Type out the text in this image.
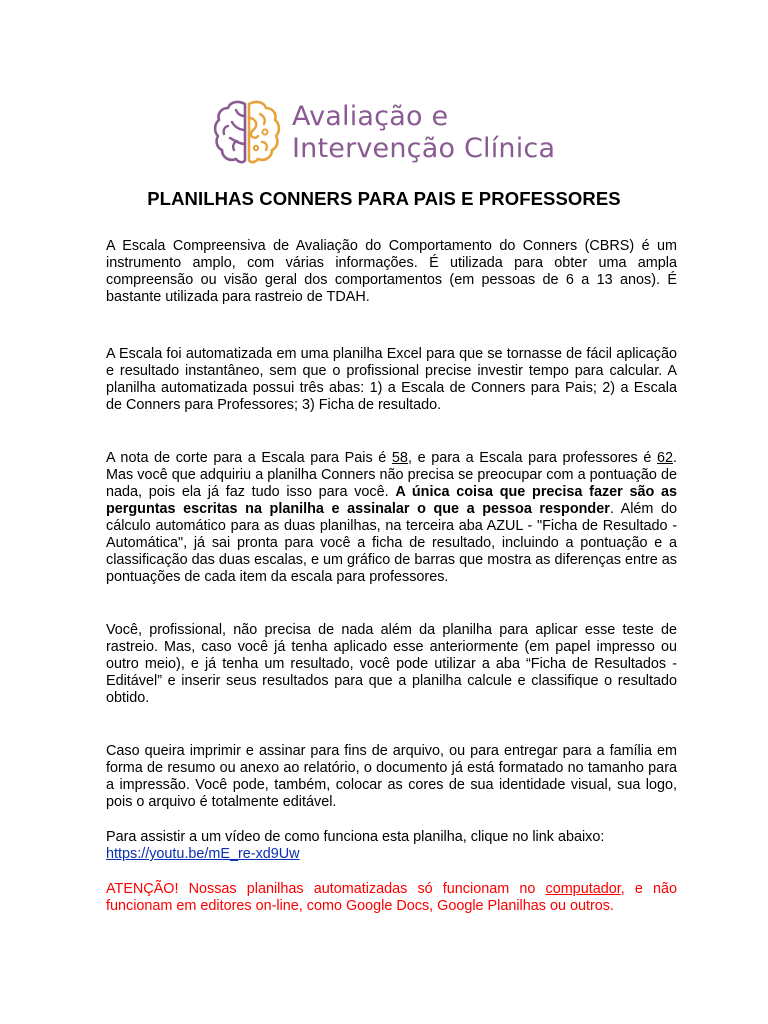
Avaliação e
Intervenção Clínica
PLANILHAS CONNERS PARA PAIS E PROFESSORES

A Escala Compreensiva de Avaliação do Comportamento do Conners (CBRS) é um instrumento amplo, com várias informações. É utilizada para obter uma ampla compreensão ou visão geral dos comportamentos (em pessoas de 6 a 13 anos). É bastante utilizada para rastreio de TDAH.

A Escala foi automatizada em uma planilha Excel para que se tornasse de fácil aplicação e resultado instantâneo, sem que o profissional precise investir tempo para calcular. A planilha automatizada possui três abas: 1) a Escala de Conners para Pais; 2) a Escala de Conners para Professores; 3) Ficha de resultado.

A nota de corte para a Escala para Pais é 58, e para a Escala para professores é 62. Mas você que adquiriu a planilha Conners não precisa se preocupar com a pontuação de nada, pois ela já faz tudo isso para você. A única coisa que precisa fazer são as perguntas escritas na planilha e assinalar o que a pessoa responder. Além do cálculo automático para as duas planilhas, na terceira aba AZUL - "Ficha de Resultado - Automática", já sai pronta para você a ficha de resultado, incluindo a pontuação e a classificação das duas escalas, e um gráfico de barras que mostra as diferenças entre as pontuações de cada item da escala para professores.

Você, profissional, não precisa de nada além da planilha para aplicar esse teste de rastreio. Mas, caso você já tenha aplicado esse anteriormente (em papel impresso ou outro meio), e já tenha um resultado, você pode utilizar a aba “Ficha de Resultados - Editável” e inserir seus resultados para que a planilha calcule e classifique o resultado obtido.

Caso queira imprimir e assinar para fins de arquivo, ou para entregar para a família em forma de resumo ou anexo ao relatório, o documento já está formatado no tamanho para a impressão. Você pode, também, colocar as cores de sua identidade visual, sua logo, pois o arquivo é totalmente editável.

Para assistir a um vídeo de como funciona esta planilha, clique no link abaixo:
https://youtu.be/mE_re-xd9Uw

ATENÇÃO! Nossas planilhas automatizadas só funcionam no computador, e não funcionam em editores on-line, como Google Docs, Google Planilhas ou outros.
